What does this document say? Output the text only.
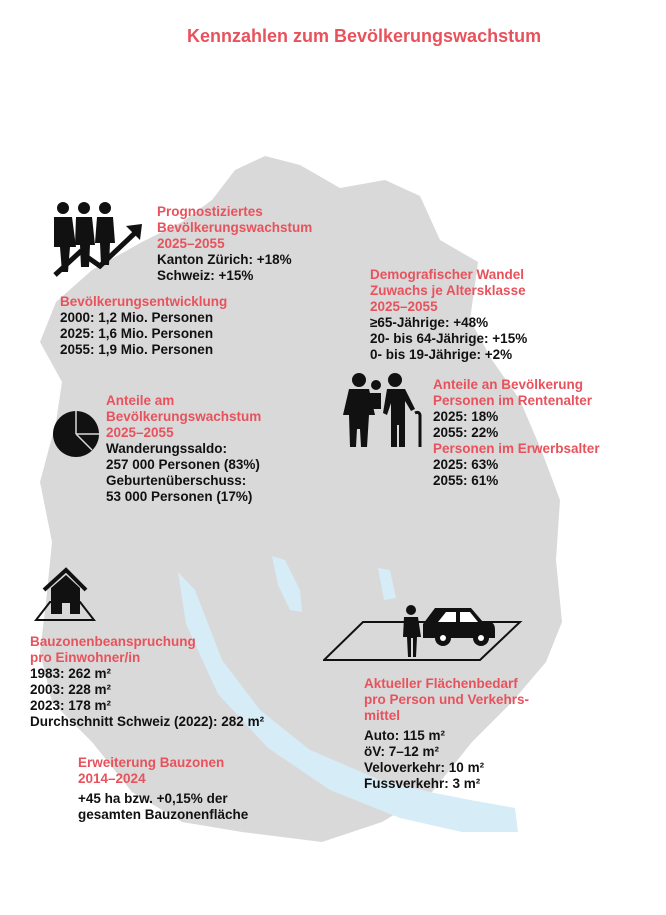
Kennzahlen zum Bevölkerungswachstum
Prognostiziertes
Bevölkerungswachstum
2025–2055
Kanton Zürich: +18%
Schweiz: +15%
Bevölkerungsentwicklung
2000: 1,2 Mio. Personen
2025: 1,6 Mio. Personen
2055: 1,9 Mio. Personen
Anteile am
Bevölkerungswachstum
2025–2055
Wanderungssaldo:
257 000 Personen (83%)
Geburtenüberschuss:
53 000 Personen (17%)
Demografischer Wandel
Zuwachs je Altersklasse
2025–2055
≥65-Jährige: +48%
20- bis 64-Jährige: +15%
0- bis 19-Jährige: +2%
Anteile an Bevölkerung
Personen im Rentenalter
2025: 18%
2055: 22%
Personen im Erwerbsalter
2025: 63%
2055: 61%
Bauzonenbeanspruchung
pro Einwohner/in
1983: 262 m²
2003: 228 m²
2023: 178 m²
Durchschnitt Schweiz (2022): 282 m²
Erweiterung Bauzonen
2014–2024
+45 ha bzw. +0,15% der
gesamten Bauzonenfläche
Aktueller Flächenbedarf
pro Person und Verkehrs-
mittel
Auto: 115 m²
öV: 7–12 m²
Veloverkehr: 10 m²
Fussverkehr: 3 m²
